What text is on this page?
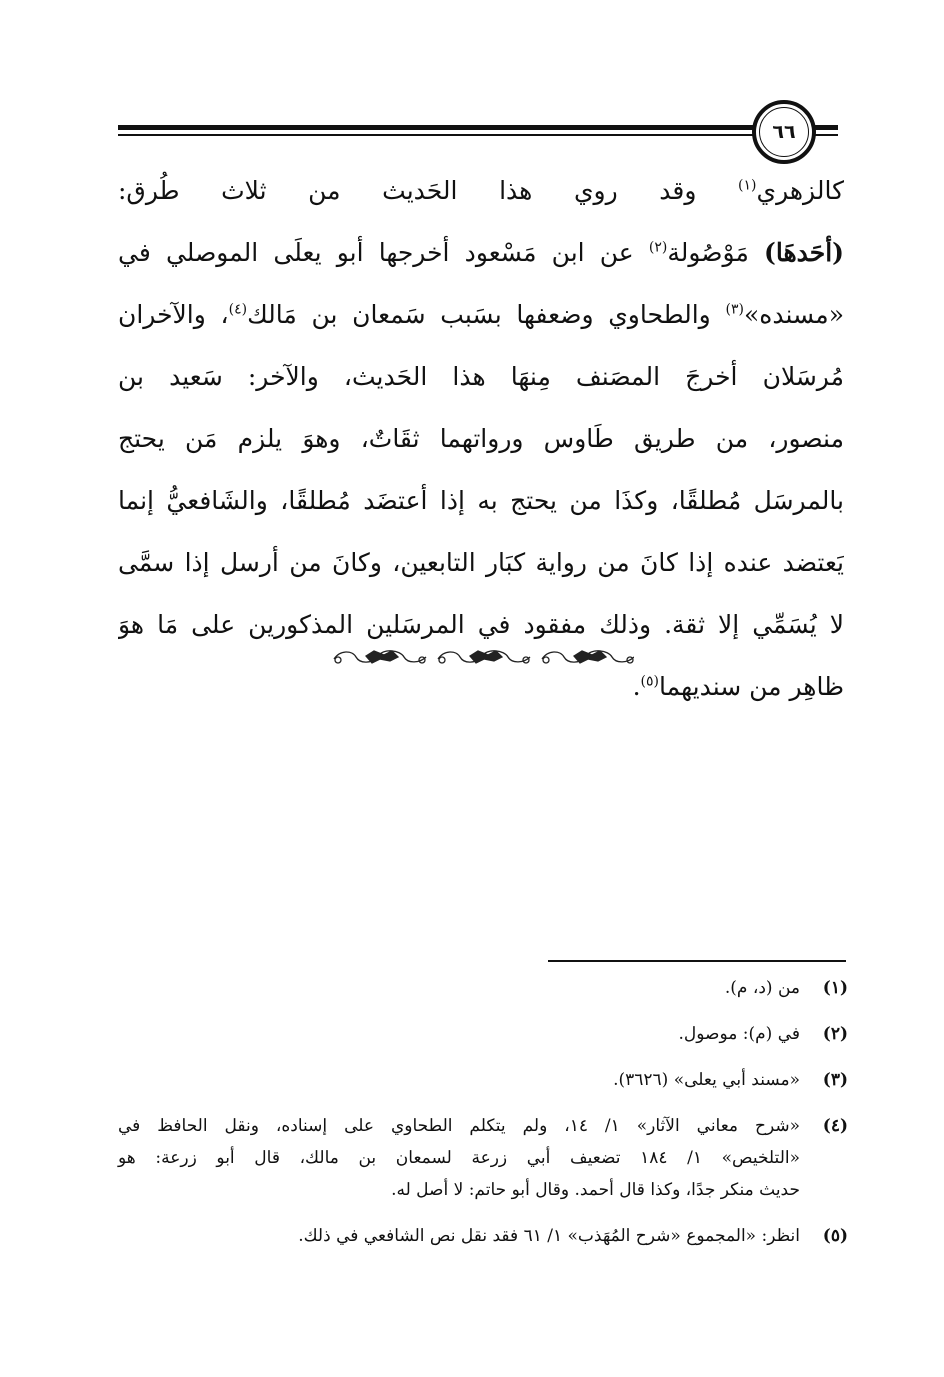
٦٦
كالزهري$^{(١)}$ وقد روي هذا الحَديث من ثلاث طُرق:
(أحَدهَا) مَوْصُولة$^{(٢)}$ عن ابن مَسْعود أخرجها أبو يعلَى الموصلي في
«مسنده»$^{(٣)}$ والطحاوي وضعفها بسَبب سَمعان بن مَالك$^{(٤)}$، والآخران
مُرسَلان أخرجَ المصَنف مِنهَا هذا الحَديث، والآخر: سَعيد بن
منصور، من طريق طَاوس ورواتهما ثقَاتٌ، وهوَ يلزم مَن يحتج
بالمرسَل مُطلقًا، وكذَا من يحتج به إذا أعتضَد مُطلقًا، والشَافعيُّ إنما
يَعتضد عنده إذا كانَ من رواية كبَار التابعين، وكانَ من أرسل إذا سمَّى
لا يُسَمِّي إلا ثقة. وذلك مفقود في المرسَلين المذكورين على مَا هوَ
ظاهِر من سنديهما$^{(٥)}$.
(١)
من (د، م).
(٢)
في (م): موصول.
(٣)
«مسند أبي يعلى» (٣٦٢٦).
(٤)
«شرح معاني الآثار» ١/ ١٤، ولم يتكلم الطحاوي على إسناده، ونقل الحافظ في
«التلخيص» ١/ ١٨٤ تضعيف أبي زرعة لسمعان بن مالك، قال أبو زرعة: هو
حديث منكر جدًا، وكذا قال أحمد. وقال أبو حاتم: لا أصل له.
(٥)
انظر: «المجموع «شرح المُهَذب» ١/ ٦١ فقد نقل نص الشافعي في ذلك.
